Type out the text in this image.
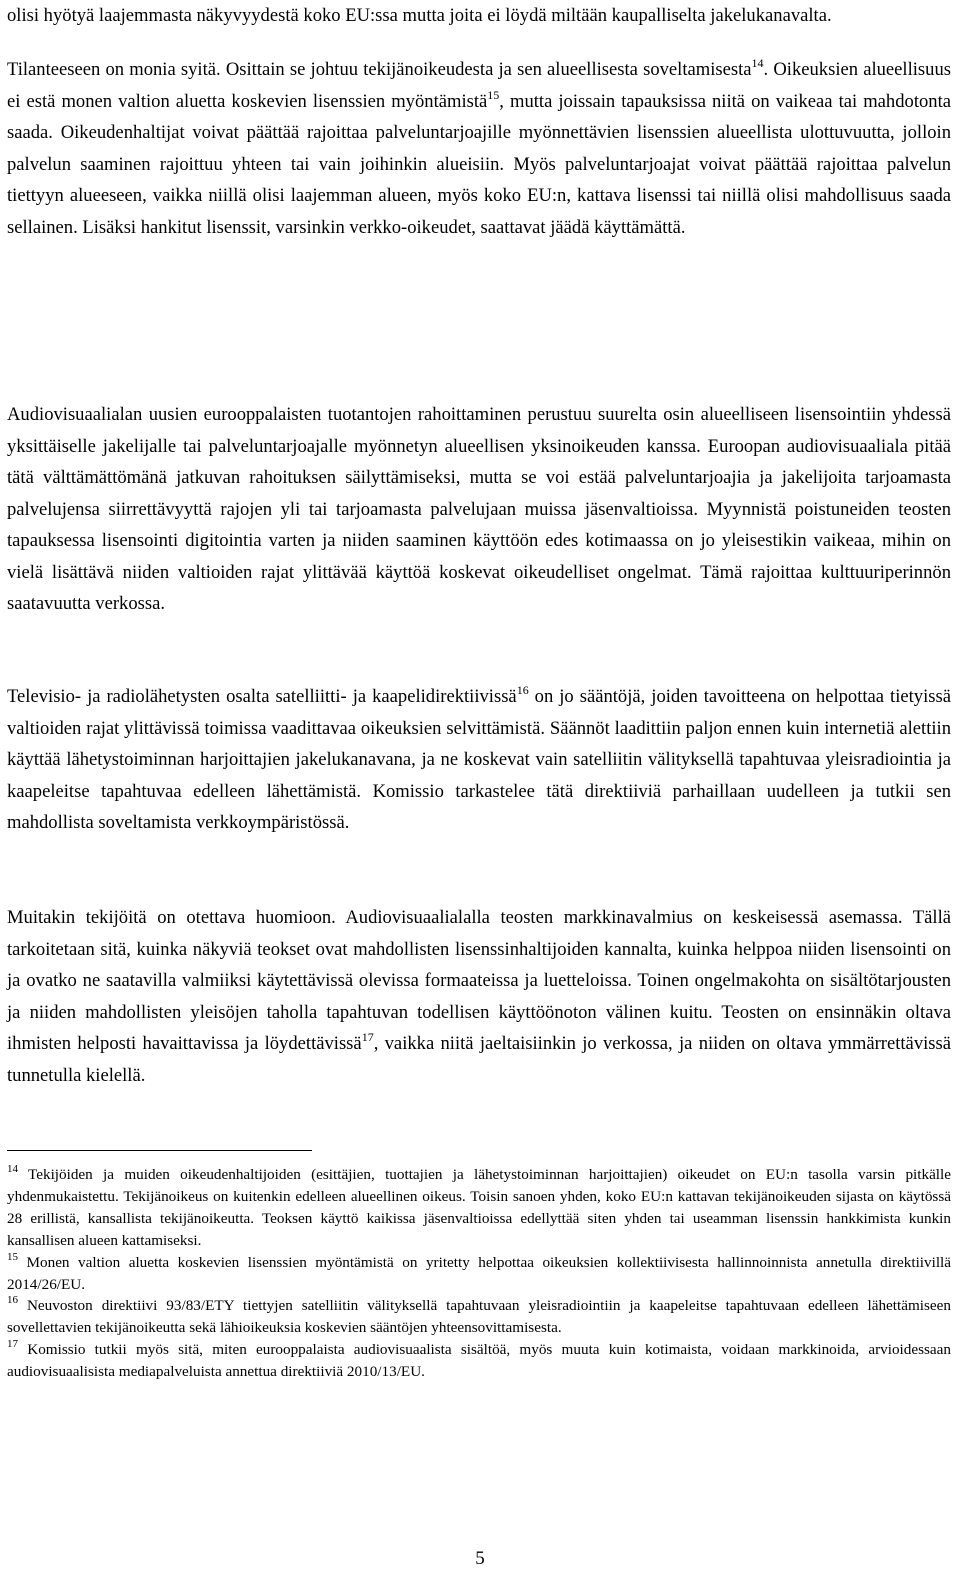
olisi hyötyä laajemmasta näkyvyydestä koko EU:ssa mutta joita ei löydä miltään kaupalliselta jakelukanavalta.

Tilanteeseen on monia syitä. Osittain se johtuu tekijänoikeudesta ja sen alueellisesta soveltamisesta$^{14}$. Oikeuksien alueellisuus ei estä monen valtion aluetta koskevien lisenssien myöntämistä$^{15}$, mutta joissain tapauksissa niitä on vaikeaa tai mahdotonta saada. Oikeudenhaltijat voivat päättää rajoittaa palveluntarjoajille myönnettävien lisenssien alueellista ulottuvuutta, jolloin palvelun saaminen rajoittuu yhteen tai vain joihinkin alueisiin. Myös palveluntarjoajat voivat päättää rajoittaa palvelun tiettyyn alueeseen, vaikka niillä olisi laajemman alueen, myös koko EU:n, kattava lisenssi tai niillä olisi mahdollisuus saada sellainen. Lisäksi hankitut lisenssit, varsinkin verkko-oikeudet, saattavat jäädä käyttämättä.

Audiovisuaalialan uusien eurooppalaisten tuotantojen rahoittaminen perustuu suurelta osin alueelliseen lisensointiin yhdessä yksittäiselle jakelijalle tai palveluntarjoajalle myönnetyn alueellisen yksinoikeuden kanssa. Euroopan audiovisuaaliala pitää tätä välttämättömänä jatkuvan rahoituksen säilyttämiseksi, mutta se voi estää palveluntarjoajia ja jakelijoita tarjoamasta palvelujensa siirrettävyyttä rajojen yli tai tarjoamasta palvelujaan muissa jäsenvaltioissa. Myynnistä poistuneiden teosten tapauksessa lisensointi digitointia varten ja niiden saaminen käyttöön edes kotimaassa on jo yleisestikin vaikeaa, mihin on vielä lisättävä niiden valtioiden rajat ylittävää käyttöä koskevat oikeudelliset ongelmat. Tämä rajoittaa kulttuuriperinnön saatavuutta verkossa.

Televisio- ja radiolähetysten osalta satelliitti- ja kaapelidirektiivissä$^{16}$ on jo sääntöjä, joiden tavoitteena on helpottaa tietyissä valtioiden rajat ylittävissä toimissa vaadittavaa oikeuksien selvittämistä. Säännöt laadittiin paljon ennen kuin internetiä alettiin käyttää lähetystoiminnan harjoittajien jakelukanavana, ja ne koskevat vain satelliitin välityksellä tapahtuvaa yleisradiointia ja kaapeleitse tapahtuvaa edelleen lähettämistä. Komissio tarkastelee tätä direktiiviä parhaillaan uudelleen ja tutkii sen mahdollista soveltamista verkkoympäristössä.

Muitakin tekijöitä on otettava huomioon. Audiovisuaalialalla teosten markkinavalmius on keskeisessä asemassa. Tällä tarkoitetaan sitä, kuinka näkyviä teokset ovat mahdollisten lisenssinhaltijoiden kannalta, kuinka helppoa niiden lisensointi on ja ovatko ne saatavilla valmiiksi käytettävissä olevissa formaateissa ja luetteloissa. Toinen ongelmakohta on sisältötarjousten ja niiden mahdollisten yleisöjen taholla tapahtuvan todellisen käyttöönoton välinen kuitu. Teosten on ensinnäkin oltava ihmisten helposti havaittavissa ja löydettävissä$^{17}$, vaikka niitä jaeltaisiinkin jo verkossa, ja niiden on oltava ymmärrettävissä tunnetulla kielellä.

$^{14}$ Tekijöiden ja muiden oikeudenhaltijoiden (esittäjien, tuottajien ja lähetystoiminnan harjoittajien) oikeudet on EU:n tasolla varsin pitkälle yhdenmukaistettu. Tekijänoikeus on kuitenkin edelleen alueellinen oikeus. Toisin sanoen yhden, koko EU:n kattavan tekijänoikeuden sijasta on käytössä 28 erillistä, kansallista tekijänoikeutta. Teoksen käyttö kaikissa jäsenvaltioissa edellyttää siten yhden tai useamman lisenssin hankkimista kunkin kansallisen alueen kattamiseksi.

$^{15}$ Monen valtion aluetta koskevien lisenssien myöntämistä on yritetty helpottaa oikeuksien kollektiivisesta hallinnoinnista annetulla direktiivillä 2014/26/EU.

$^{16}$ Neuvoston direktiivi 93/83/ETY tiettyjen satelliitin välityksellä tapahtuvaan yleisradiointiin ja kaapeleitse tapahtuvaan edelleen lähettämiseen sovellettavien tekijänoikeutta sekä lähioikeuksia koskevien sääntöjen yhteensovittamisesta.

$^{17}$ Komissio tutkii myös sitä, miten eurooppalaista audiovisuaalista sisältöä, myös muuta kuin kotimaista, voidaan markkinoida, arvioidessaan audiovisuaalisista mediapalveluista annettua direktiiviä 2010/13/EU.

5
